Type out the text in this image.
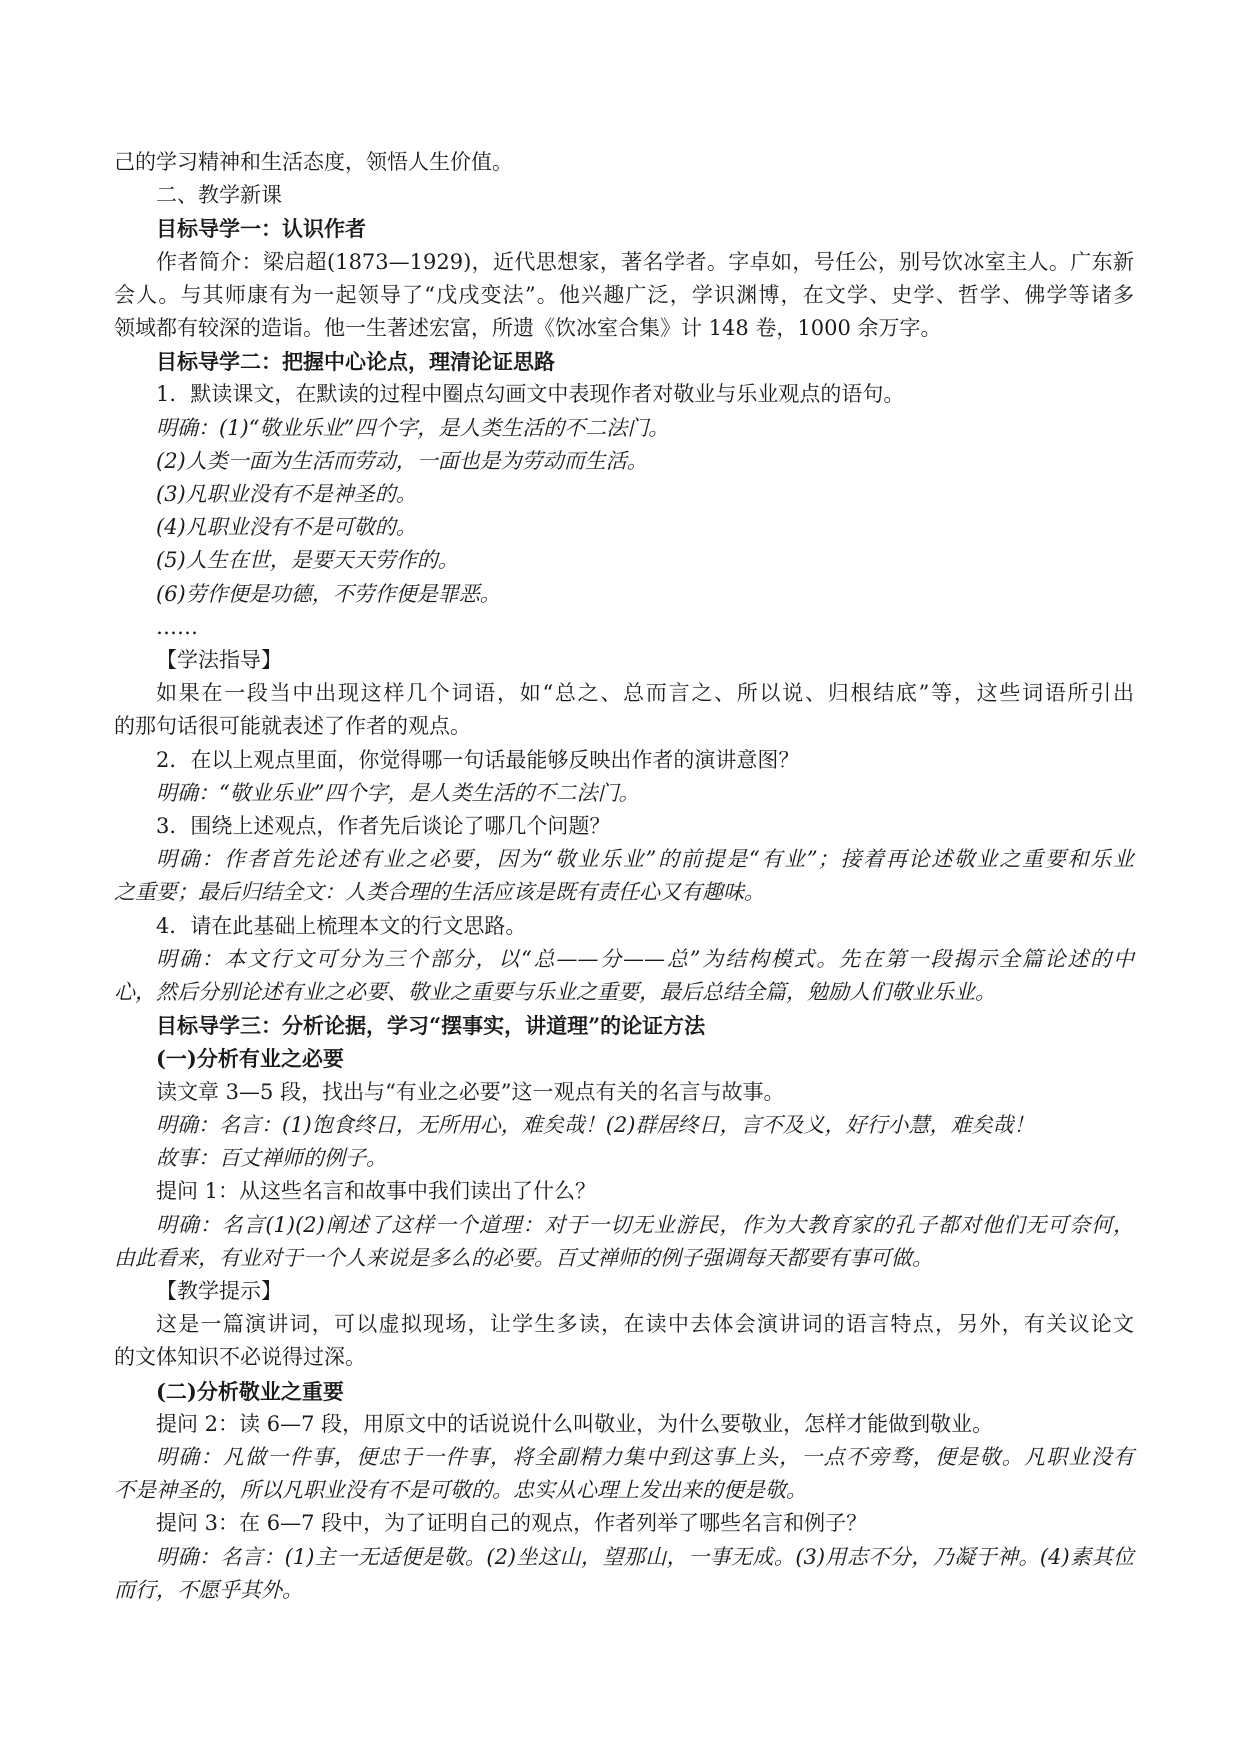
己的学习精神和生活态度，领悟人生价值。

二、教学新课

目标导学一：认识作者

作者简介：梁启超(1873—1929)，近代思想家，著名学者。字卓如，号任公，别号饮冰室主人。广东新

会人。与其师康有为一起领导了“戊戌变法”。他兴趣广泛，学识渊博，在文学、史学、哲学、佛学等诸多

领域都有较深的造诣。他一生著述宏富，所遗《饮冰室合集》计 148 卷，1000 余万字。

目标导学二：把握中心论点，理清论证思路

1．默读课文，在默读的过程中圈点勾画文中表现作者对敬业与乐业观点的语句。

明确：(1)“敬业乐业”四个字，是人类生活的不二法门。

(2)人类一面为生活而劳动，一面也是为劳动而生活。

(3)凡职业没有不是神圣的。

(4)凡职业没有不是可敬的。

(5)人生在世，是要天天劳作的。

(6)劳作便是功德，不劳作便是罪恶。

……

【学法指导】

如果在一段当中出现这样几个词语，如“总之、总而言之、所以说、归根结底”等，这些词语所引出

的那句话很可能就表述了作者的观点。

2．在以上观点里面，你觉得哪一句话最能够反映出作者的演讲意图？

明确：“敬业乐业”四个字，是人类生活的不二法门。

3．围绕上述观点，作者先后谈论了哪几个问题？

明确：作者首先论述有业之必要，因为“敬业乐业”的前提是“有业”；接着再论述敬业之重要和乐业

之重要；最后归结全文：人类合理的生活应该是既有责任心又有趣味。

4．请在此基础上梳理本文的行文思路。

明确：本文行文可分为三个部分，以“总——分——总”为结构模式。先在第一段揭示全篇论述的中

心，然后分别论述有业之必要、敬业之重要与乐业之重要，最后总结全篇，勉励人们敬业乐业。

目标导学三：分析论据，学习“摆事实，讲道理”的论证方法

(一)分析有业之必要

读文章 3—5 段，找出与“有业之必要”这一观点有关的名言与故事。

明确：名言：(1)饱食终日，无所用心，难矣哉！(2)群居终日，言不及义，好行小慧，难矣哉！

故事：百丈禅师的例子。

提问 1：从这些名言和故事中我们读出了什么？

明确：名言(1)(2)阐述了这样一个道理：对于一切无业游民，作为大教育家的孔子都对他们无可奈何，

由此看来，有业对于一个人来说是多么的必要。百丈禅师的例子强调每天都要有事可做。

【教学提示】

这是一篇演讲词，可以虚拟现场，让学生多读，在读中去体会演讲词的语言特点，另外，有关议论文

的文体知识不必说得过深。

(二)分析敬业之重要

提问 2：读 6—7 段，用原文中的话说说什么叫敬业，为什么要敬业，怎样才能做到敬业。

明确：凡做一件事，便忠于一件事，将全副精力集中到这事上头，一点不旁骛，便是敬。凡职业没有

不是神圣的，所以凡职业没有不是可敬的。忠实从心理上发出来的便是敬。

提问 3：在 6—7 段中，为了证明自己的观点，作者列举了哪些名言和例子？

明确：名言：(1)主一无适便是敬。(2)坐这山，望那山，一事无成。(3)用志不分，乃凝于神。(4)素其位

而行，不愿乎其外。
